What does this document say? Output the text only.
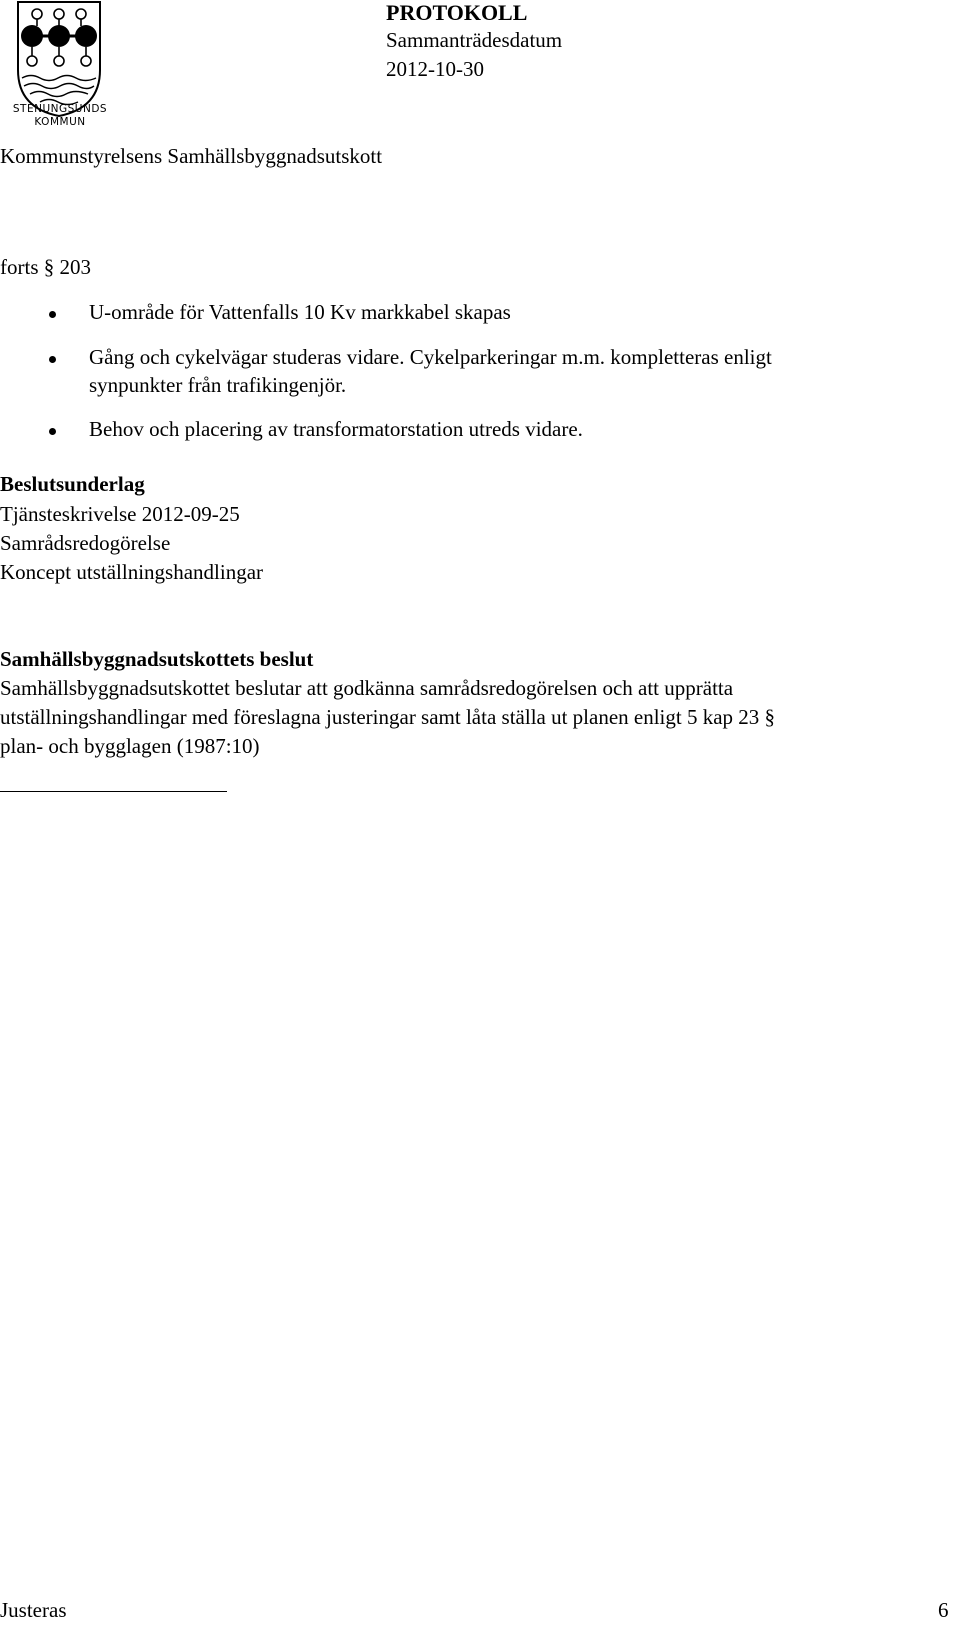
STENUNGSUNDS
KOMMUN
PROTOKOLL
Sammanträdesdatum
2012-10-30
Kommunstyrelsens Samhällsbyggnadsutskott
forts § 203
U-område för Vattenfalls 10 Kv markkabel skapas
Gång och cykelvägar studeras vidare. Cykelparkeringar m.m. kompletteras enligt
synpunkter från trafikingenjör.
Behov och placering av transformatorstation utreds vidare.
Beslutsunderlag
Tjänsteskrivelse 2012-09-25
Samrådsredogörelse
Koncept utställningshandlingar
Samhällsbyggnadsutskottets beslut
Samhällsbyggnadsutskottet beslutar att godkänna samrådsredogörelsen och att upprätta
utställningshandlingar med föreslagna justeringar samt låta ställa ut planen enligt 5 kap 23 §
plan- och bygglagen (1987:10)
Justeras	6
